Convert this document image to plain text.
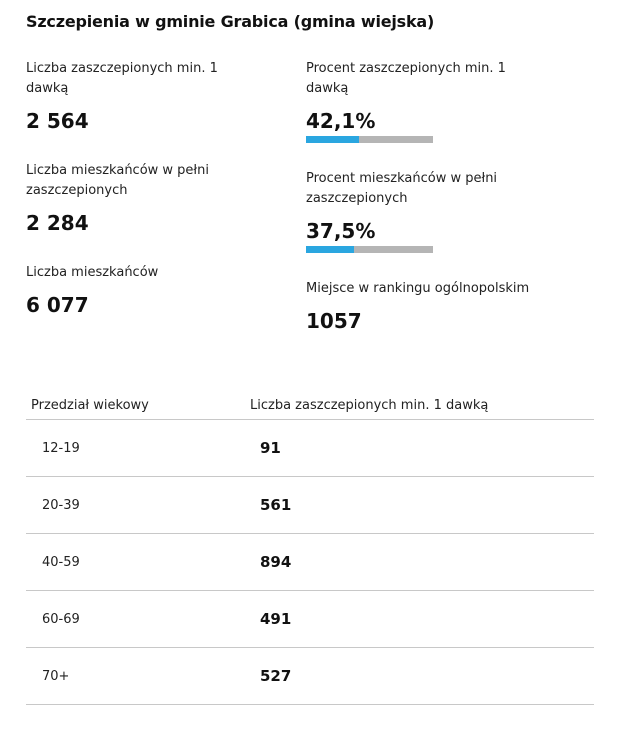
Szczepienia w gminie Grabica (gmina wiejska)
Liczba zaszczepionych min. 1 dawką
2 564
Liczba mieszkańców w pełni zaszczepionych
2 284
Liczba mieszkańców
6 077
Procent zaszczepionych min. 1 dawką
42,1%
Procent mieszkańców w pełni zaszczepionych
37,5%
Miejsce w rankingu ogólnopolskim
1057
Przedział wiekowy	Liczba zaszczepionych min. 1 dawką
12-19	91
20-39	561
40-59	894
60-69	491
70+	527
